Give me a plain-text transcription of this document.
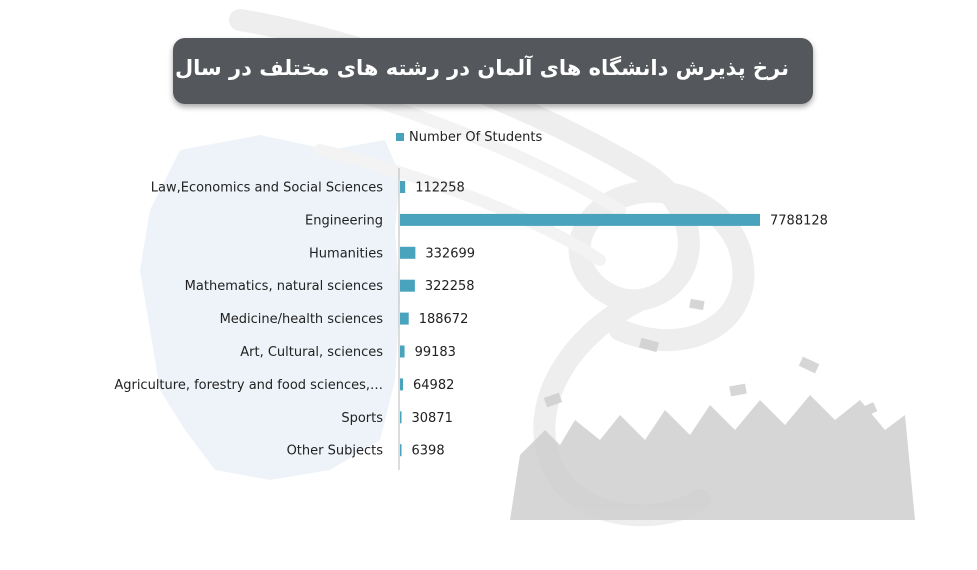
نرخ پذیرش دانشگاه های آلمان در رشته های مختلف در سال های اخیر
Number Of Students
Law,Economics and Social Sciences 112258
Engineering	7788128
Humanities	332699
Mathematics, natural sciences	322258
Medicine/health sciences	188672
Art, Cultural, sciences 99183
Agriculture, forestry and food sciences,… 64982
Sports 30871
Other Subjects 6398
